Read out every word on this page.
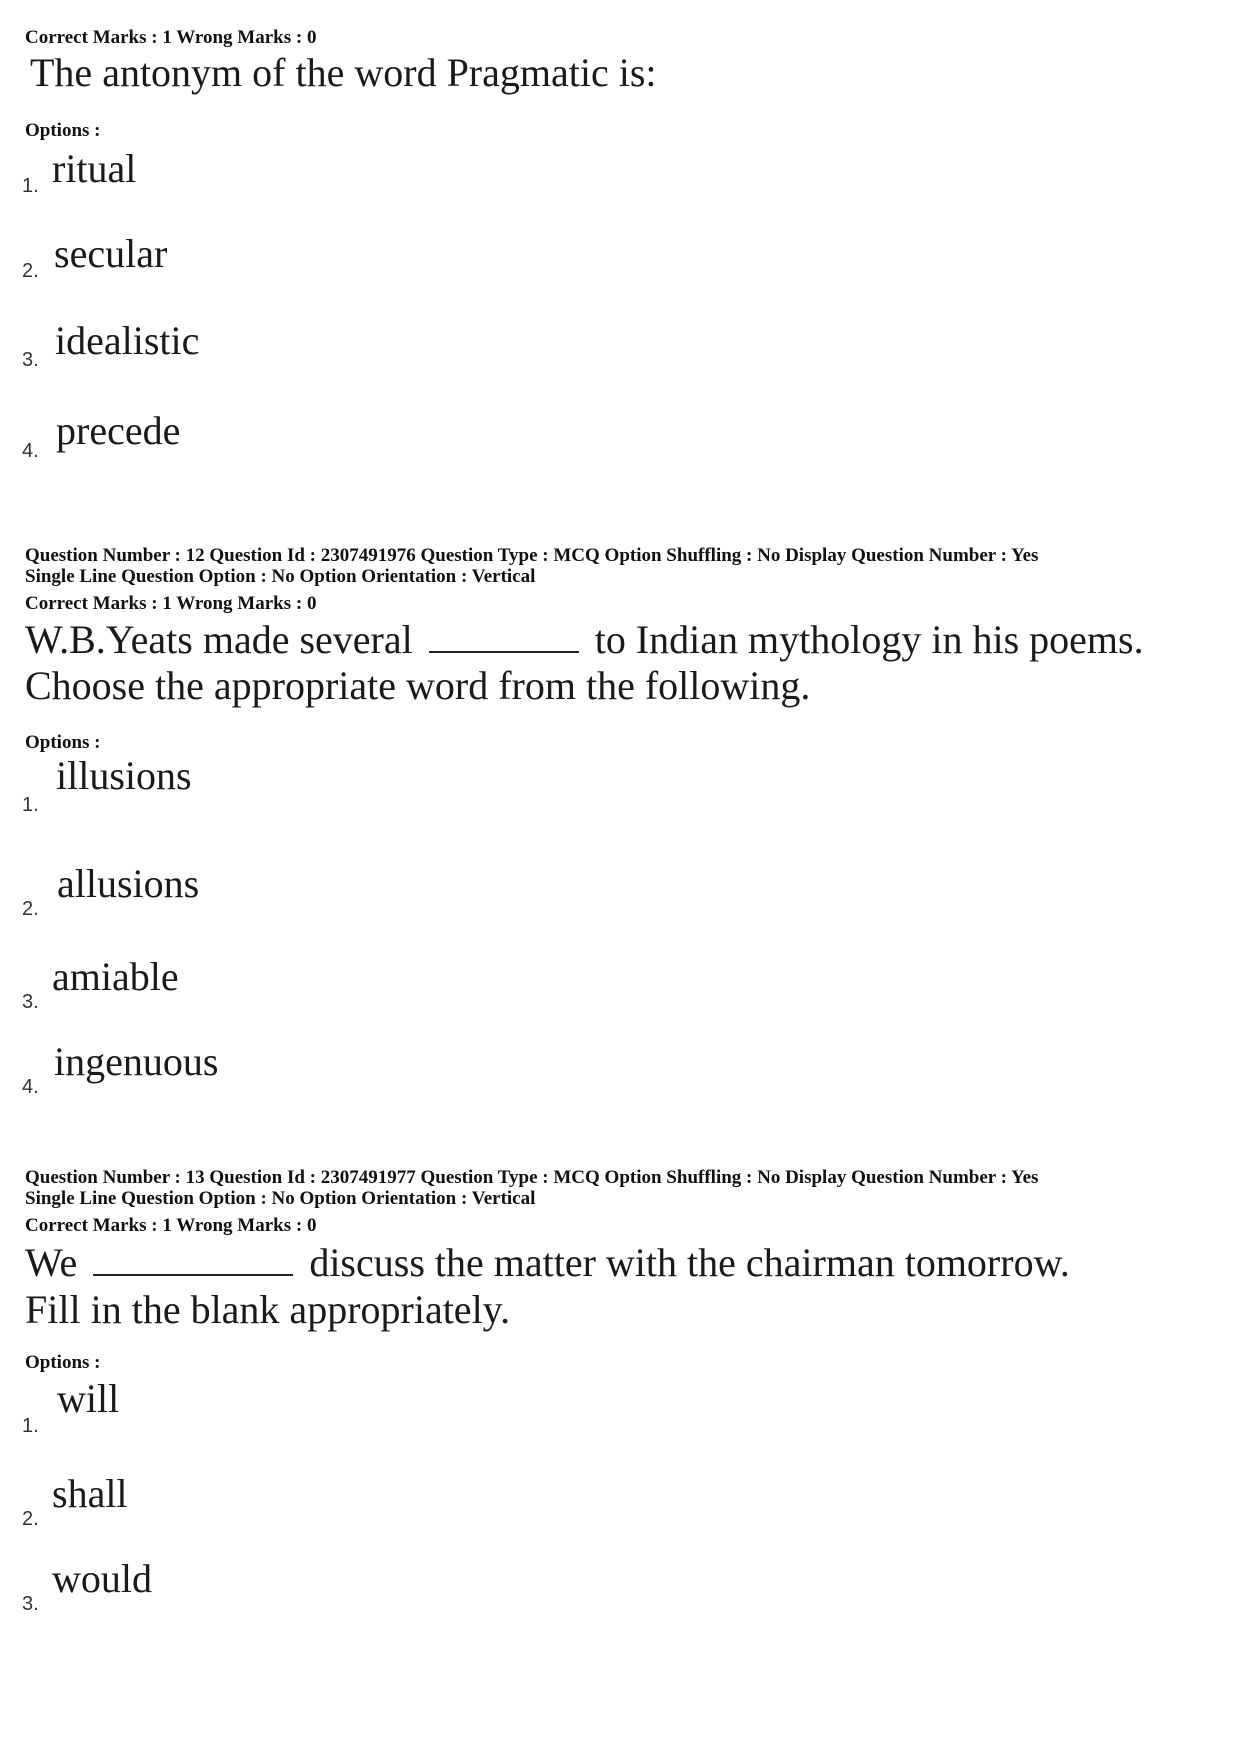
Correct Marks : 1 Wrong Marks : 0
The antonym of the word Pragmatic is:
Options :
1. ritual
2. secular
3. idealistic
4. precede
Question Number : 12 Question Id : 2307491976 Question Type : MCQ Option Shuffling : No Display Question Number : Yes
Single Line Question Option : No Option Orientation : Vertical
Correct Marks : 1 Wrong Marks : 0
W.B.Yeats made several	to Indian mythology in his poems.
Choose the appropriate word from the following.
Options :
1.
illusions
2.
allusions
3.
amiable
4.
ingenuous
Question Number : 13 Question Id : 2307491977 Question Type : MCQ Option Shuffling : No Display Question Number : Yes
Single Line Question Option : No Option Orientation : Vertical
Correct Marks : 1 Wrong Marks : 0
We	discuss the matter with the chairman tomorrow.
Fill in the blank appropriately.
Options :
1.
will
2.
shall
3.
would
